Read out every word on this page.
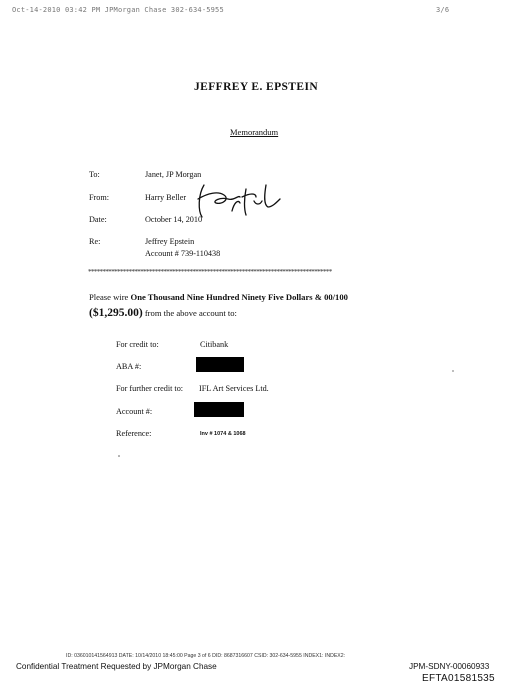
Oct-14-2010 03:42 PM JPMorgan Chase 302-634-5955	3/6
JEFFREY E. EPSTEIN
Memorandum
To:	Janet, JP Morgan
From:	Harry Beller
Date:	October 14, 2010
Re:	Jeffrey Epstein
Account # 739-110438
************************************************************************************
Please wire One Thousand Nine Hundred Ninety Five Dollars & 00/100
($1,295.00) from the above account to:
For credit to:	Citibank
ABA #:
For further credit to: IFL Art Services Ltd.
Account #:
Reference:	Inv # 1074 & 1068
ID: 036010141564913 DATE: 10/14/2010 18:45:00 Page 3 of 6 DID: 8687316607 CSID: 302-634-5955 INDEX1: INDEX2:
Confidential Treatment Requested by JPMorgan Chase	JPM-SDNY-00060933
EFTA01581535
